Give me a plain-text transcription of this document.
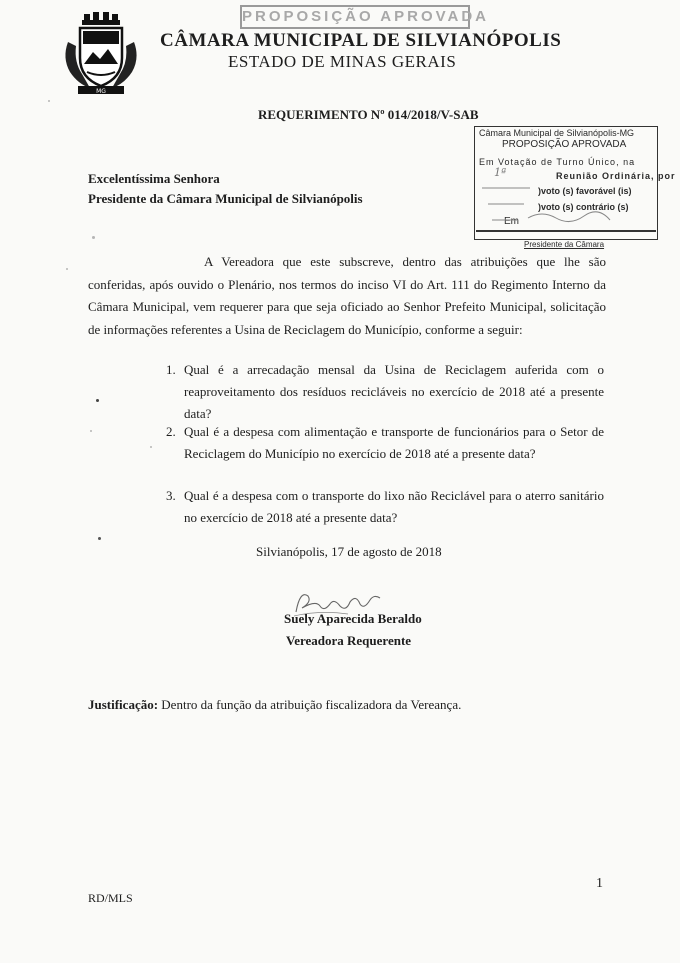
MG
PROPOSIÇÃO APROVADA
CÂMARA MUNICIPAL DE SILVIANÓPOLIS
ESTADO DE MINAS GERAIS
REQUERIMENTO Nº 014/2018/V-SAB
Câmara Municipal de Silvianópolis-MG
PROPOSIÇÃO APROVADA
Em Votação de Turno Único, na
Reunião Ordinária, por
1ª
)voto (s) favorável (is)
)voto (s) contrário (s)
Em
Presidente da Câmara
Excelentíssima Senhora
Presidente da Câmara Municipal de Silvianópolis

A Vereadora que este subscreve, dentro das atribuições que lhe são conferidas, após ouvido o Plenário, nos termos do inciso VI do Art. 111 do Regimento Interno da Câmara Municipal, vem requerer para que seja oficiado ao Senhor Prefeito Municipal, solicitação de informações referentes a Usina de Reciclagem do Município, conforme a seguir:

1. Qual é a arrecadação mensal da Usina de Reciclagem auferida com o reaproveitamento dos resíduos recicláveis no exercício de 2018 até a presente data?
2. Qual é a despesa com alimentação e transporte de funcionários para o Setor de Reciclagem do Município no exercício de 2018 até a presente data?
3. Qual é a despesa com o transporte do lixo não Reciclável para o aterro sanitário no exercício de 2018 até a presente data?
Silvianópolis, 17 de agosto de 2018
Suely Aparecida Beraldo
Vereadora Requerente
Justificação: Dentro da função da atribuição fiscalizadora da Vereança.
RD/MLS
1
